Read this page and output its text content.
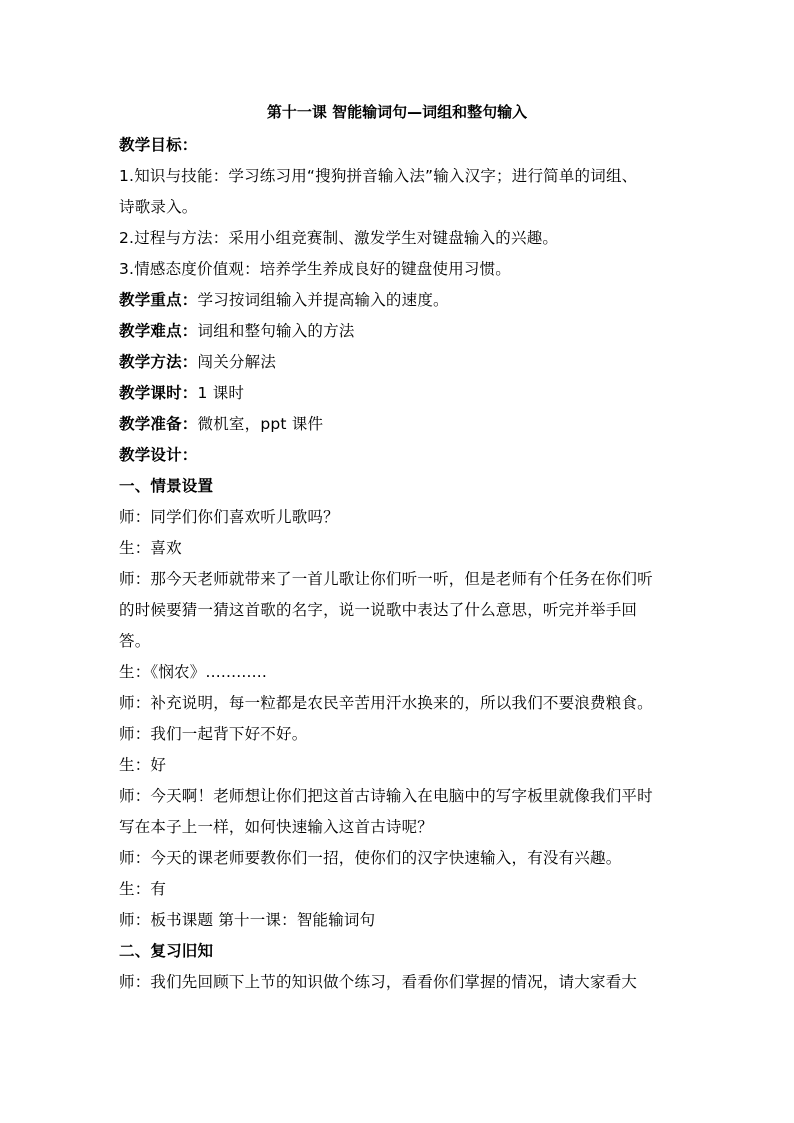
第十一课 智能输词句—词组和整句输入
教学目标：
1.知识与技能：学习练习用“搜狗拼音输入法”输入汉字；进行简单的词组、
诗歌录入。
2.过程与方法：采用小组竞赛制、激发学生对键盘输入的兴趣。
3.情感态度价值观：培养学生养成良好的键盘使用习惯。
教学重点：学习按词组输入并提高输入的速度。
教学难点：词组和整句输入的方法
教学方法：闯关分解法
教学课时：1 课时
教学准备：微机室，ppt 课件
教学设计：
一、情景设置
师：同学们你们喜欢听儿歌吗？
生：喜欢
师：那今天老师就带来了一首儿歌让你们听一听，但是老师有个任务在你们听
的时候要猜一猜这首歌的名字，说一说歌中表达了什么意思，听完并举手回
答。
生：《悯农》............
师：补充说明，每一粒都是农民辛苦用汗水换来的，所以我们不要浪费粮食。
师：我们一起背下好不好。
生：好
师：今天啊！老师想让你们把这首古诗输入在电脑中的写字板里就像我们平时
写在本子上一样，如何快速输入这首古诗呢？
师：今天的课老师要教你们一招，使你们的汉字快速输入，有没有兴趣。
生：有
师：板书课题 第十一课：智能输词句
二、复习旧知
师：我们先回顾下上节的知识做个练习，看看你们掌握的情况，请大家看大
